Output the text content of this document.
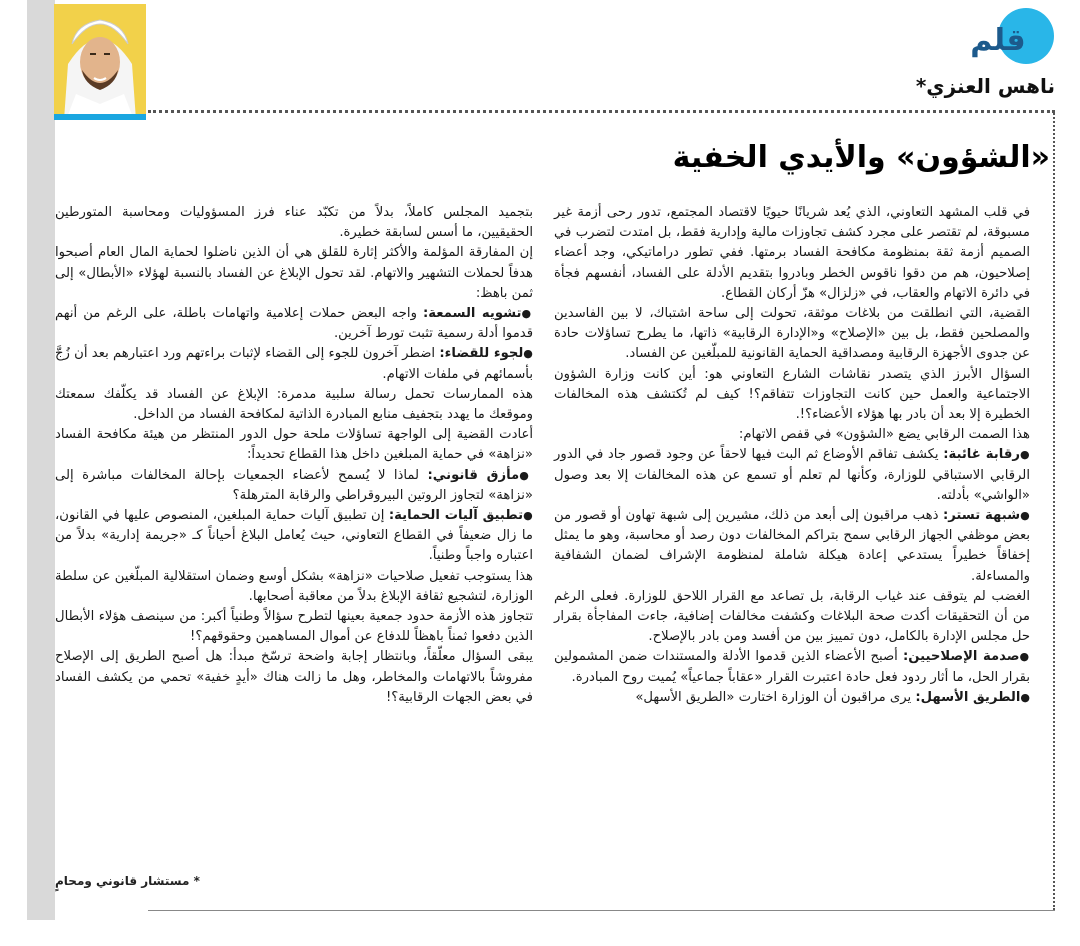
قلم
ناهس العنزي*
«الشؤون» والأيدي الخفية

في قلب المشهد التعاوني، الذي يُعد شريانًا حيويًا لاقتصاد المجتمع، تدور رحى أزمة غير مسبوقة، لم تقتصر على مجرد كشف تجاوزات مالية وإدارية فقط، بل امتدت لتضرب في الصميم أزمة ثقة بمنظومة مكافحة الفساد برمتها. ففي تطور دراماتيكي، وجد أعضاء إصلاحيون، هم من دقوا ناقوس الخطر وبادروا بتقديم الأدلة على الفساد، أنفسهم فجأة في دائرة الاتهام والعقاب، في «زلزال» هزّ أركان القطاع.

القضية، التي انطلقت من بلاغات موثقة، تحولت إلى ساحة اشتباك، لا بين الفاسدين والمصلحين فقط، بل بين «الإصلاح» و«الإدارة الرقابية» ذاتها، ما يطرح تساؤلات حادة عن جدوى الأجهزة الرقابية ومصداقية الحماية القانونية للمبلّغين عن الفساد.

السؤال الأبرز الذي يتصدر نقاشات الشارع التعاوني هو: أين كانت وزارة الشؤون الاجتماعية والعمل حين كانت التجاوزات تتفاقم؟! كيف لم تُكتشف هذه المخالفات الخطيرة إلا بعد أن بادر بها هؤلاء الأعضاء؟!.

هذا الصمت الرقابي يضع «الشؤون» في قفص الاتهام:

● رقابة غائبة: يكشف تفاقم الأوضاع ثم البت فيها لاحقاً عن وجود قصور جاد في الدور الرقابي الاستباقي للوزارة، وكأنها لم تعلم أو تسمع عن هذه المخالفات إلا بعد وصول «الواشي» بأدلته.

● شبهة تستر: ذهب مراقبون إلى أبعد من ذلك، مشيرين إلى شبهة تهاون أو قصور من بعض موظفي الجهاز الرقابي سمح بتراكم المخالفات دون رصد أو محاسبة، وهو ما يمثل إخفاقاً خطيراً يستدعي إعادة هيكلة شاملة لمنظومة الإشراف لضمان الشفافية والمساءلة.

الغضب لم يتوقف عند غياب الرقابة، بل تصاعد مع القرار اللاحق للوزارة. فعلى الرغم من أن التحقيقات أكدت صحة البلاغات وكشفت مخالفات إضافية، جاءت المفاجأة بقرار حل مجلس الإدارة بالكامل، دون تمييز بين من أفسد ومن بادر بالإصلاح.

● صدمة الإصلاحيين: أصبح الأعضاء الذين قدموا الأدلة والمستندات ضمن المشمولين بقرار الحل، ما أثار ردود فعل حادة اعتبرت القرار «عقاباً جماعياً» يُميت روح المبادرة.

● الطريق الأسهل: يرى مراقبون أن الوزارة اختارت «الطريق الأسهل»

بتجميد المجلس كاملاً، بدلاً من تكبّد عناء فرز المسؤوليات ومحاسبة المتورطين الحقيقيين، ما أسس لسابقة خطيرة.

إن المفارقة المؤلمة والأكثر إثارة للقلق هي أن الذين ناضلوا لحماية المال العام أصبحوا هدفاً لحملات التشهير والاتهام. لقد تحول الإبلاغ عن الفساد بالنسبة لهؤلاء «الأبطال» إلى ثمن باهظ:

● تشويه السمعة: واجه البعض حملات إعلامية واتهامات باطلة، على الرغم من أنهم قدموا أدلة رسمية تثبت تورط آخرين.

● لجوء للقضاء: اضطر آخرون للجوء إلى القضاء لإثبات براءتهم ورد اعتبارهم بعد أن زُجَّ بأسمائهم في ملفات الاتهام.

هذه الممارسات تحمل رسالة سلبية مدمرة: الإبلاغ عن الفساد قد يكلّفك سمعتك وموقعك ما يهدد بتجفيف منابع المبادرة الذاتية لمكافحة الفساد من الداخل.

أعادت القضية إلى الواجهة تساؤلات ملحة حول الدور المنتظر من هيئة مكافحة الفساد «نزاهة» في حماية المبلغين داخل هذا القطاع تحديداً:

● مأزق قانوني: لماذا لا يُسمح لأعضاء الجمعيات بإحالة المخالفات مباشرة إلى «نزاهة» لتجاوز الروتين البيروقراطي والرقابة المترهلة؟

● تطبيق آليات الحماية: إن تطبيق آليات حماية المبلغين، المنصوص عليها في القانون، ما زال ضعيفاً في القطاع التعاوني، حيث يُعامل البلاغ أحياناً كـ «جريمة إدارية» بدلاً من اعتباره واجباً وطنياً.

هذا يستوجب تفعيل صلاحيات «نزاهة» بشكل أوسع وضمان استقلالية المبلّغين عن سلطة الوزارة، لتشجيع ثقافة الإبلاغ بدلاً من معاقبة أصحابها.

تتجاوز هذه الأزمة حدود جمعية بعينها لتطرح سؤالاً وطنياً أكبر: من سينصف هؤلاء الأبطال الذين دفعوا ثمناً باهظاً للدفاع عن أموال المساهمين وحقوقهم؟!

يبقى السؤال معلّقاً، وبانتظار إجابة واضحة ترسّخ مبدأ: هل أصبح الطريق إلى الإصلاح مفروشاً بالاتهامات والمخاطر، وهل ما زالت هناك «أيدٍ خفية» تحمي من يكشف الفساد في بعض الجهات الرقابية؟!

* مستشار قانوني ومحامٍ
